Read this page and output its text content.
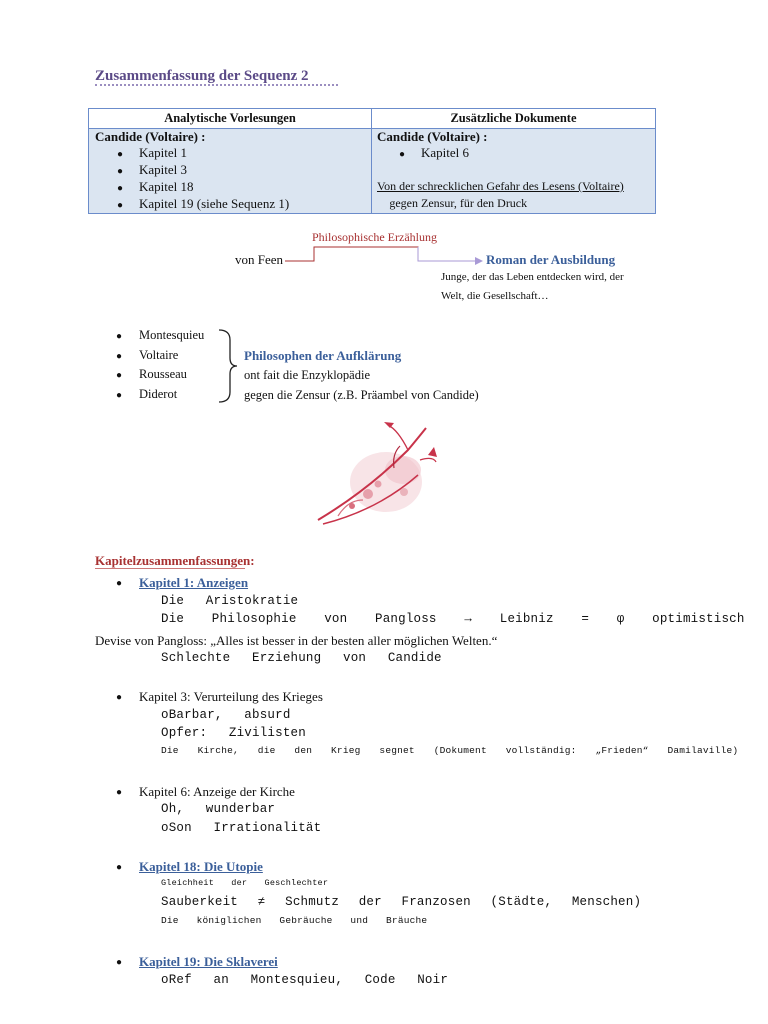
Zusammenfassung der Sequenz 2
Analytische Vorlesungen	Zusätzliche Dokumente
Candide (Voltaire) :
● Kapitel 1
● Kapitel 3
● Kapitel 18
● Kapitel 19 (siehe Sequenz 1)
Candide (Voltaire) :
● Kapitel 6
Von der schrecklichen Gefahr des Lesens (Voltaire)
gegen Zensur, für den Druck
von Feen
Philosophische Erzählung
Roman der Ausbildung
Junge, der das Leben entdecken wird, der
Welt, die Gesellschaft…
● Montesquieu
● Voltaire
● Rousseau
● Diderot
Philosophen der Aufklärung
ont fait die Enzyklopädie
gegen die Zensur (z.B. Präambel von Candide)
Kapitelzusammenfassungen:
● Kapitel 1: Anzeigen
Die Aristokratie
Die Philosophie von Pangloss → Leibniz = φ optimistisch
Devise von Pangloss: „Alles ist besser in der besten aller möglichen Welten.“
Schlechte Erziehung von Candide
● Kapitel 3: Verurteilung des Krieges
oBarbar, absurd
Opfer: Zivilisten
Die Kirche, die den Krieg segnet (Dokument vollständig: „Frieden“ Damilaville)
● Kapitel 6: Anzeige der Kirche
Oh, wunderbar
oSon Irrationalität
● Kapitel 18: Die Utopie
Gleichheit der Geschlechter
Sauberkeit ≠ Schmutz der Franzosen (Städte, Menschen)
Die königlichen Gebräuche und Bräuche
● Kapitel 19: Die Sklaverei
oRef an Montesquieu, Code Noir
